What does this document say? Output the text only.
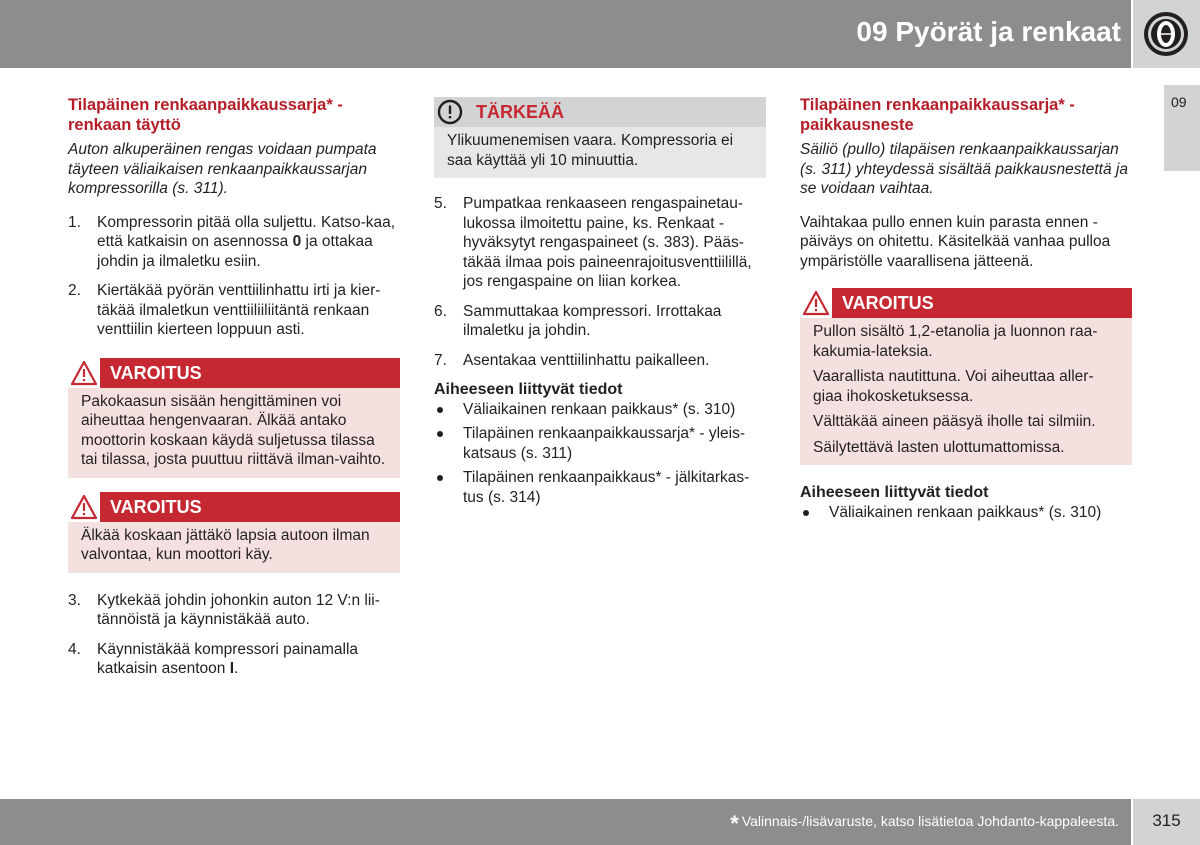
09 Pyörät ja renkaat
09
Tilapäinen renkaanpaikkaussarja* - renkaan täyttö
Auton alkuperäinen rengas voidaan pumpata täyteen väliaikaisen renkaanpaikkaussarjan kompressorilla (s. 311).
1. Kompressorin pitää olla suljettu. Katso-kaa, että katkaisin on asennossa 0 ja ottakaa johdin ja ilmaletku esiin.
2. Kiertäkää pyörän venttiilinhattu irti ja kier-täkää ilmaletkun venttiiliiliitäntä renkaan venttiilin kierteen loppuun asti.
VAROITUS

Pakokaasun sisään hengittäminen voi aiheuttaa hengenvaaran. Älkää antako moottorin koskaan käydä suljetussa tilassa tai tilassa, josta puuttuu riittävä ilman-vaihto.

VAROITUS

Älkää koskaan jättäkö lapsia autoon ilman valvontaa, kun moottori käy.

3. Kytkekää johdin johonkin auton 12 V:n lii-tännöistä ja käynnistäkää auto.
4. Käynnistäkää kompressori painamalla katkaisin asentoon I.
TÄRKEÄÄ

Ylikuumenemisen vaara. Kompressoria ei saa käyttää yli 10 minuuttia.

5. Pumpatkaa renkaaseen rengaspainetau-lukossa ilmoitettu paine, ks. Renkaat - hyväksytyt rengaspaineet (s. 383). Pääs-täkää ilmaa pois paineenrajoitusventtiilillä, jos rengaspaine on liian korkea.
6. Sammuttakaa kompressori. Irrottakaa ilmaletku ja johdin.
7. Asentakaa venttiilinhattu paikalleen.
Aiheeseen liittyvät tiedot
Väliaikainen renkaan paikkaus* (s. 310)
Tilapäinen renkaanpaikkaussarja* - yleis-katsaus (s. 311)
Tilapäinen renkaanpaikkaus* - jälkitarkas-tus (s. 314)
Tilapäinen renkaanpaikkaussarja* - paikkausneste
Säiliö (pullo) tilapäisen renkaanpaikkaussarjan (s. 311) yhteydessä sisältää paikkausnestettä ja se voidaan vaihtaa.
Vaihtakaa pullo ennen kuin parasta ennen -päiväys on ohitettu. Käsitelkää vanhaa pulloa ympäristölle vaarallisena jätteenä.
VAROITUS

Pullon sisältö 1,2-etanolia ja luonnon raa-kakumia-lateksia.

Vaarallista nautittuna. Voi aiheuttaa aller-giaa ihokosketuksessa.

Välttäkää aineen pääsyä iholle tai silmiin.

Säilytettävä lasten ulottumattomissa.

Aiheeseen liittyvät tiedot
Väliaikainen renkaan paikkaus* (s. 310)
* Valinnais-/lisävaruste, katso lisätietoa Johdanto-kappaleesta.	315
